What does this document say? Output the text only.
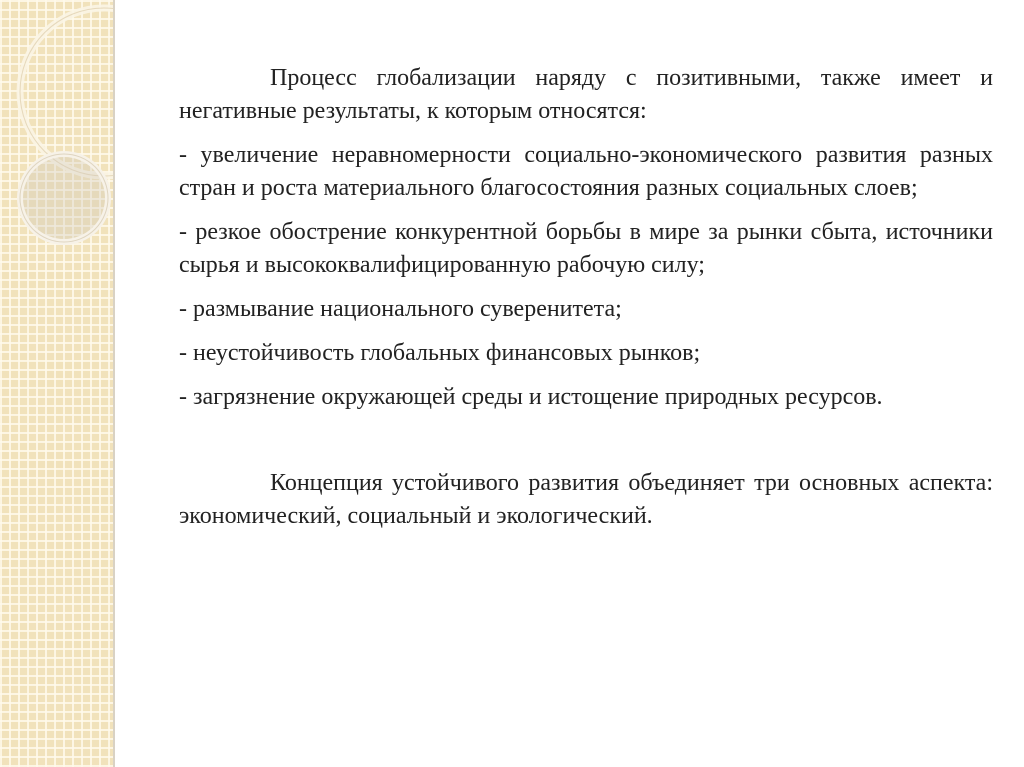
Процесс глобализации наряду с позитивными, также имеет и негативные результаты, к которым относятся:

- увеличение неравномерности социально-экономического развития разных стран и роста материального благосостояния разных социальных слоев;

- резкое обострение конкурентной борьбы в мире за рынки сбыта, источники сырья и высококвалифицированную рабочую силу;

- размывание национального суверенитета;

- неустойчивость глобальных финансовых рынков;

- загрязнение окружающей среды и истощение природных ресурсов.

Концепция устойчивого развития объединяет три основных аспекта: экономический, социальный и экологический.
